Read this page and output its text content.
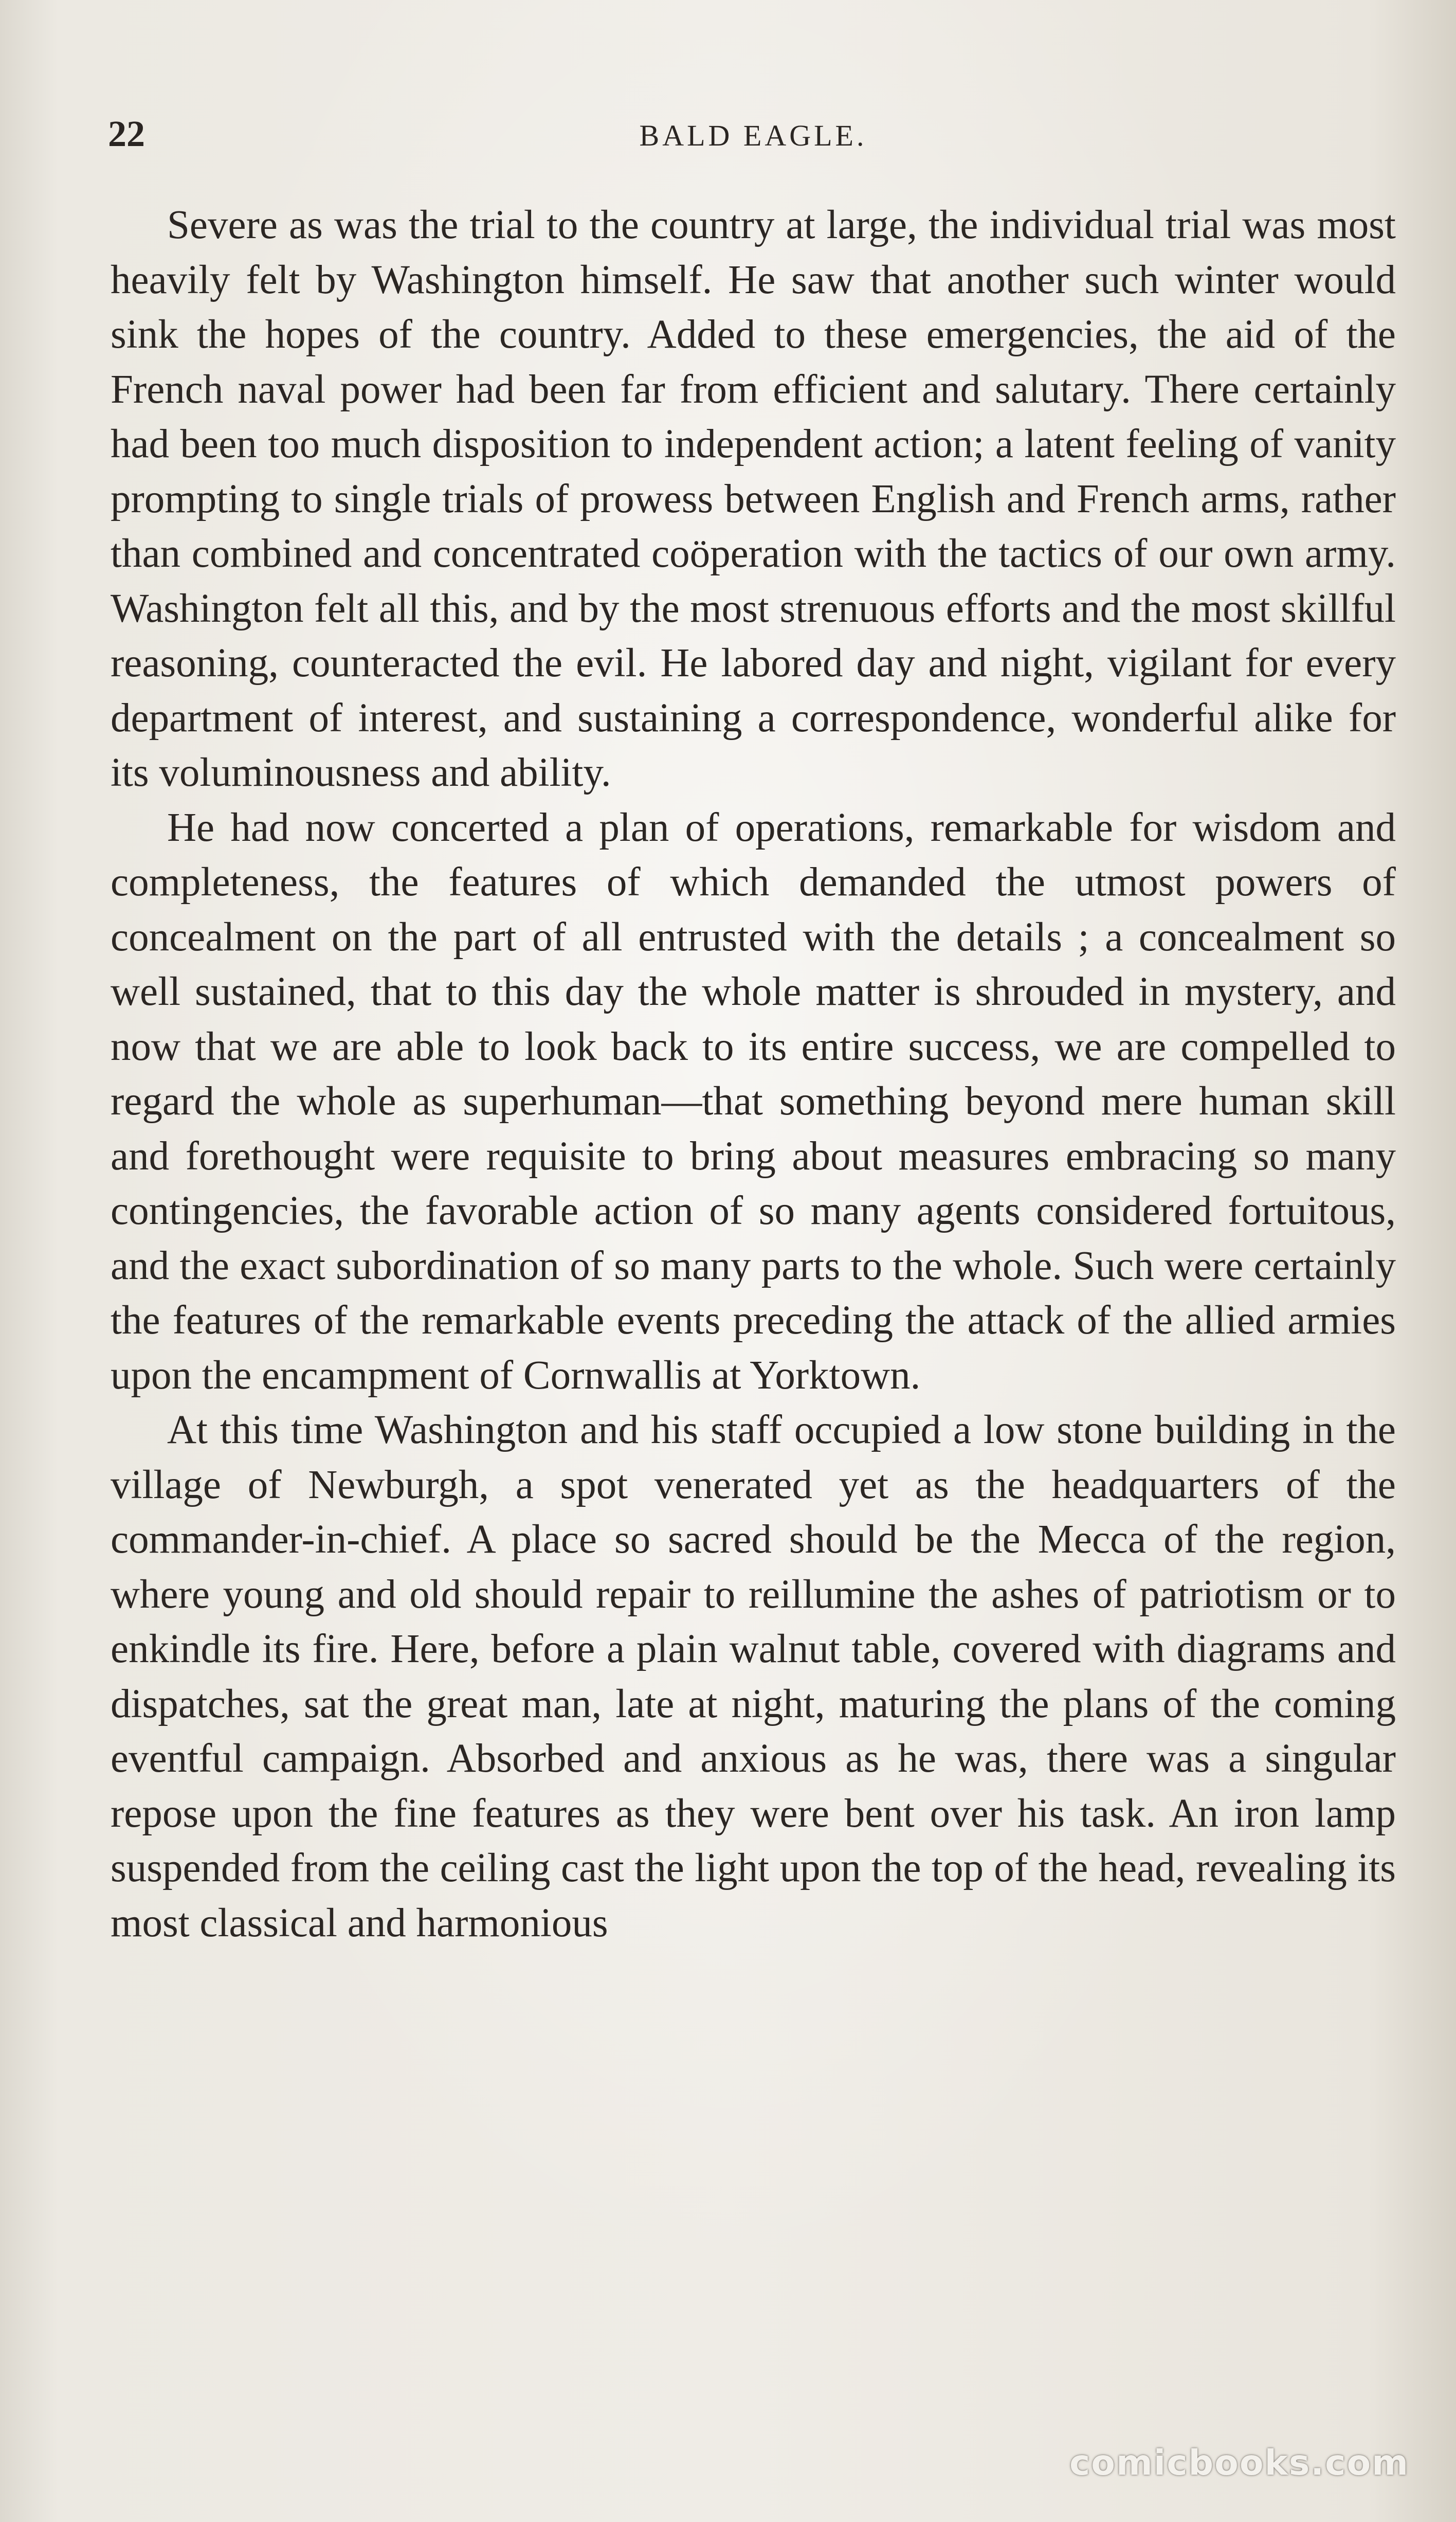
22	BALD EAGLE.

Severe as was the trial to the country at large, the individual trial was most heavily felt by Washington himself. He saw that another such winter would sink the hopes of the country. Added to these emergencies, the aid of the French naval power had been far from efficient and salutary. There certainly had been too much disposition to independent action; a latent feeling of vanity prompting to single trials of prowess between English and French arms, rather than combined and concentrated coöperation with the tactics of our own army. Washington felt all this, and by the most strenuous efforts and the most skillful reasoning, counteracted the evil. He labored day and night, vigilant for every department of interest, and sustaining a correspondence, wonderful alike for its voluminousness and ability.

He had now concerted a plan of operations, remarkable for wisdom and completeness, the features of which demanded the utmost powers of concealment on the part of all entrusted with the details ; a concealment so well sustained, that to this day the whole matter is shrouded in mystery, and now that we are able to look back to its entire success, we are compelled to regard the whole as superhuman—that something beyond mere human skill and forethought were requisite to bring about measures embracing so many contingencies, the favorable action of so many agents considered fortuitous, and the exact subordination of so many parts to the whole. Such were certainly the features of the remarkable events preceding the attack of the allied armies upon the encampment of Cornwallis at Yorktown.

At this time Washington and his staff occupied a low stone building in the village of Newburgh, a spot venerated yet as the headquarters of the commander-in-chief. A place so sacred should be the Mecca of the region, where young and old should repair to reillumine the ashes of patriotism or to enkindle its fire. Here, before a plain walnut table, covered with diagrams and dispatches, sat the great man, late at night, maturing the plans of the coming eventful campaign. Absorbed and anxious as he was, there was a singular repose upon the fine features as they were bent over his task. An iron lamp suspended from the ceiling cast the light upon the top of the head, revealing its most classical and harmonious

comicbooks.com
